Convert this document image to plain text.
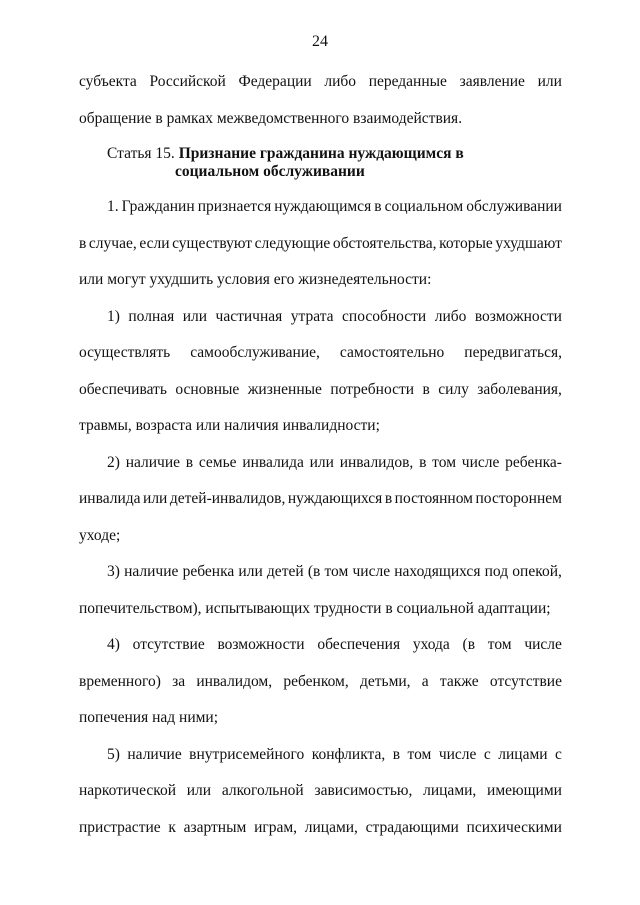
24
субъекта Российской Федерации либо переданные заявление или
обращение в рамках межведомственного взаимодействия.
Статья 15. Признание гражданина нуждающимся в
социальном обслуживании
1. Гражданин признается нуждающимся в социальном обслуживании
в случае, если существуют следующие обстоятельства, которые ухудшают
или могут ухудшить условия его жизнедеятельности:
1) полная или частичная утрата способности либо возможности
осуществлять самообслуживание, самостоятельно передвигаться,
обеспечивать основные жизненные потребности в силу заболевания,
травмы, возраста или наличия инвалидности;
2) наличие в семье инвалида или инвалидов, в том числе ребенка-
инвалида или детей-инвалидов, нуждающихся в постоянном постороннем
уходе;
3) наличие ребенка или детей (в том числе находящихся под опекой,
попечительством), испытывающих трудности в социальной адаптации;
4) отсутствие возможности обеспечения ухода (в том числе
временного) за инвалидом, ребенком, детьми, а также отсутствие
попечения над ними;
5) наличие внутрисемейного конфликта, в том числе с лицами с
наркотической или алкогольной зависимостью, лицами, имеющими
пристрастие к азартным играм, лицами, страдающими психическими
